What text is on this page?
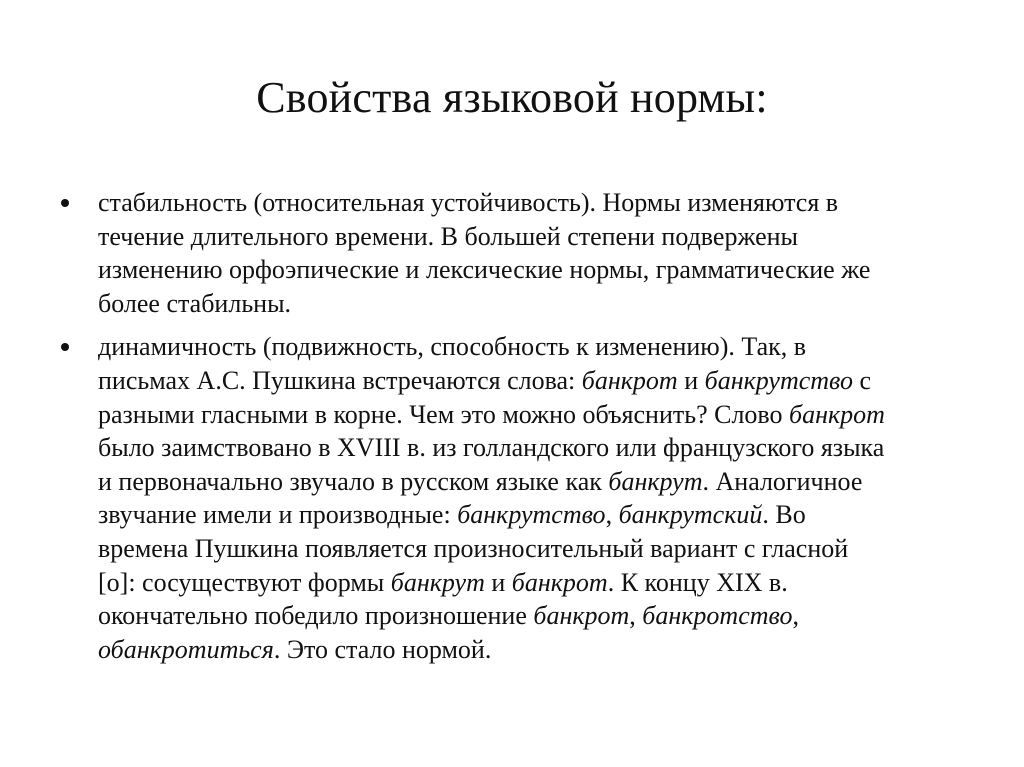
Свойства языковой нормы:
стабильность (относительная устойчивость). Нормы изменяются в
течение длительного времени. В большей степени подвержены
изменению орфоэпические и лексические нормы, грамматические же
более стабильны.
динамичность (подвижность, способность к изменению). Так, в
письмах А.С. Пушкина встречаются слова: банкрот и банкрутство с
разными гласными в корне. Чем это можно объяснить? Слово банкрот
было заимствовано в XVIII в. из голландского или французского языка
и первоначально звучало в русском языке как банкрут. Аналогичное
звучание имели и производные: банкрутство, банкрутский. Во
времена Пушкина появляется произносительный вариант с гласной
[о]: сосуществуют формы банкрут и банкрот. К концу XIX в.
окончательно победило произношение банкрот, банкротство,
обанкротиться. Это стало нормой.
